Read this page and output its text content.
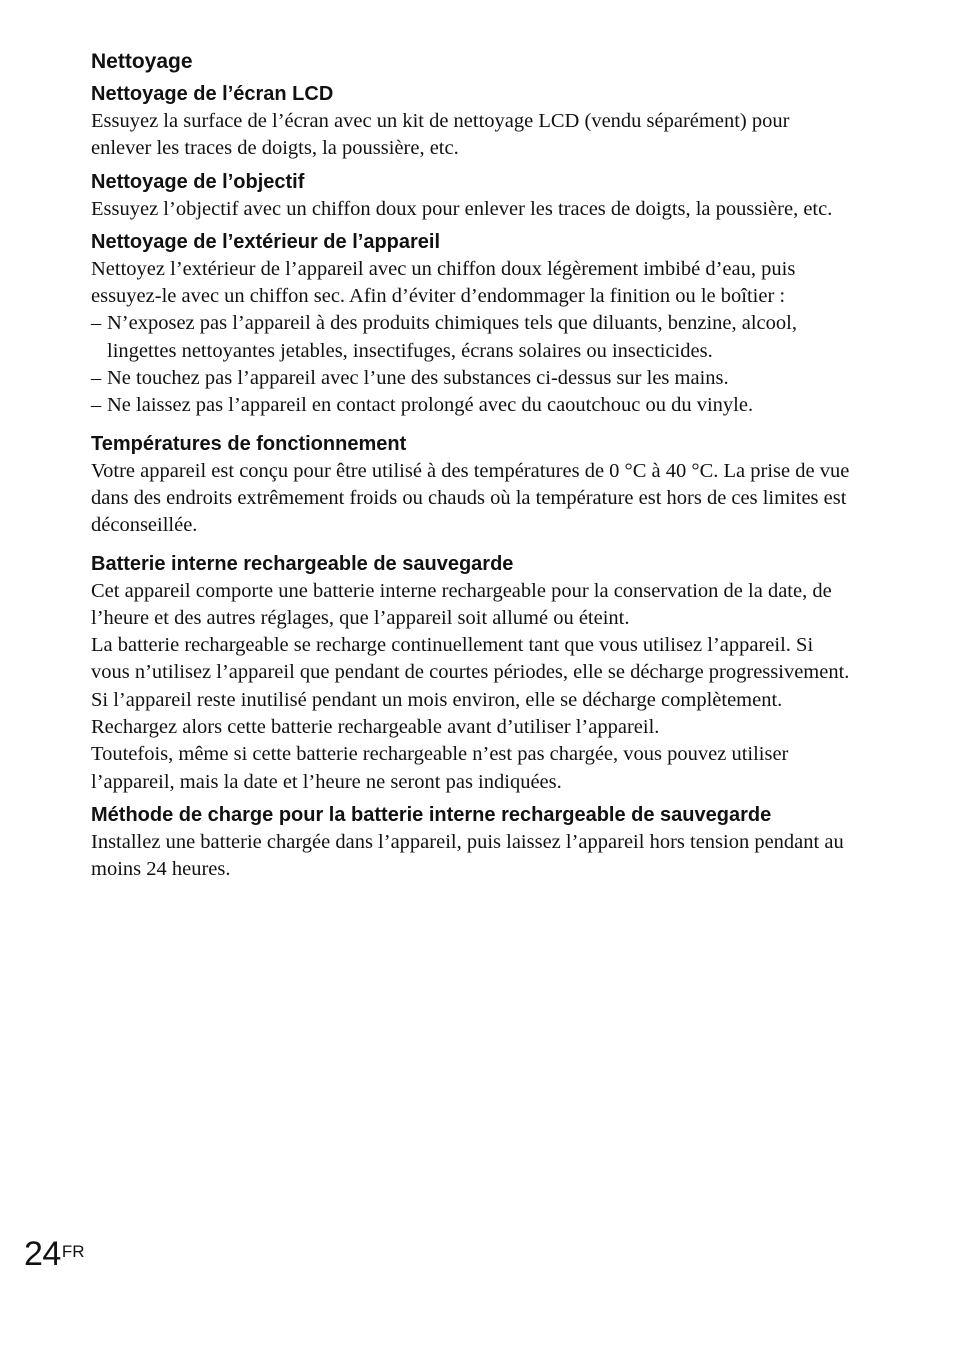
Nettoyage
Nettoyage de l’écran LCD

Essuyez la surface de l’écran avec un kit de nettoyage LCD (vendu séparément) pour enlever les traces de doigts, la poussière, etc.

Nettoyage de l’objectif

Essuyez l’objectif avec un chiffon doux pour enlever les traces de doigts, la poussière, etc.

Nettoyage de l’extérieur de l’appareil

Nettoyez l’extérieur de l’appareil avec un chiffon doux légèrement imbibé d’eau, puis essuyez-le avec un chiffon sec. Afin d’éviter d’endommager la finition ou le boîtier :

– N’exposez pas l’appareil à des produits chimiques tels que diluants, benzine, alcool, lingettes nettoyantes jetables, insectifuges, écrans solaires ou insecticides.
– Ne touchez pas l’appareil avec l’une des substances ci-dessus sur les mains.
– Ne laissez pas l’appareil en contact prolongé avec du caoutchouc ou du vinyle.
Températures de fonctionnement

Votre appareil est conçu pour être utilisé à des températures de 0 °C à 40 °C. La prise de vue dans des endroits extrêmement froids ou chauds où la température est hors de ces limites est déconseillée.

Batterie interne rechargeable de sauvegarde

Cet appareil comporte une batterie interne rechargeable pour la conservation de la date, de l’heure et des autres réglages, que l’appareil soit allumé ou éteint.

La batterie rechargeable se recharge continuellement tant que vous utilisez l’appareil. Si vous n’utilisez l’appareil que pendant de courtes périodes, elle se décharge progressivement. Si l’appareil reste inutilisé pendant un mois environ, elle se décharge complètement. Rechargez alors cette batterie rechargeable avant d’utiliser l’appareil.

Toutefois, même si cette batterie rechargeable n’est pas chargée, vous pouvez utiliser l’appareil, mais la date et l’heure ne seront pas indiquées.

Méthode de charge pour la batterie interne rechargeable de sauvegarde

Installez une batterie chargée dans l’appareil, puis laissez l’appareil hors tension pendant au moins 24 heures.

$24^{FR}$
